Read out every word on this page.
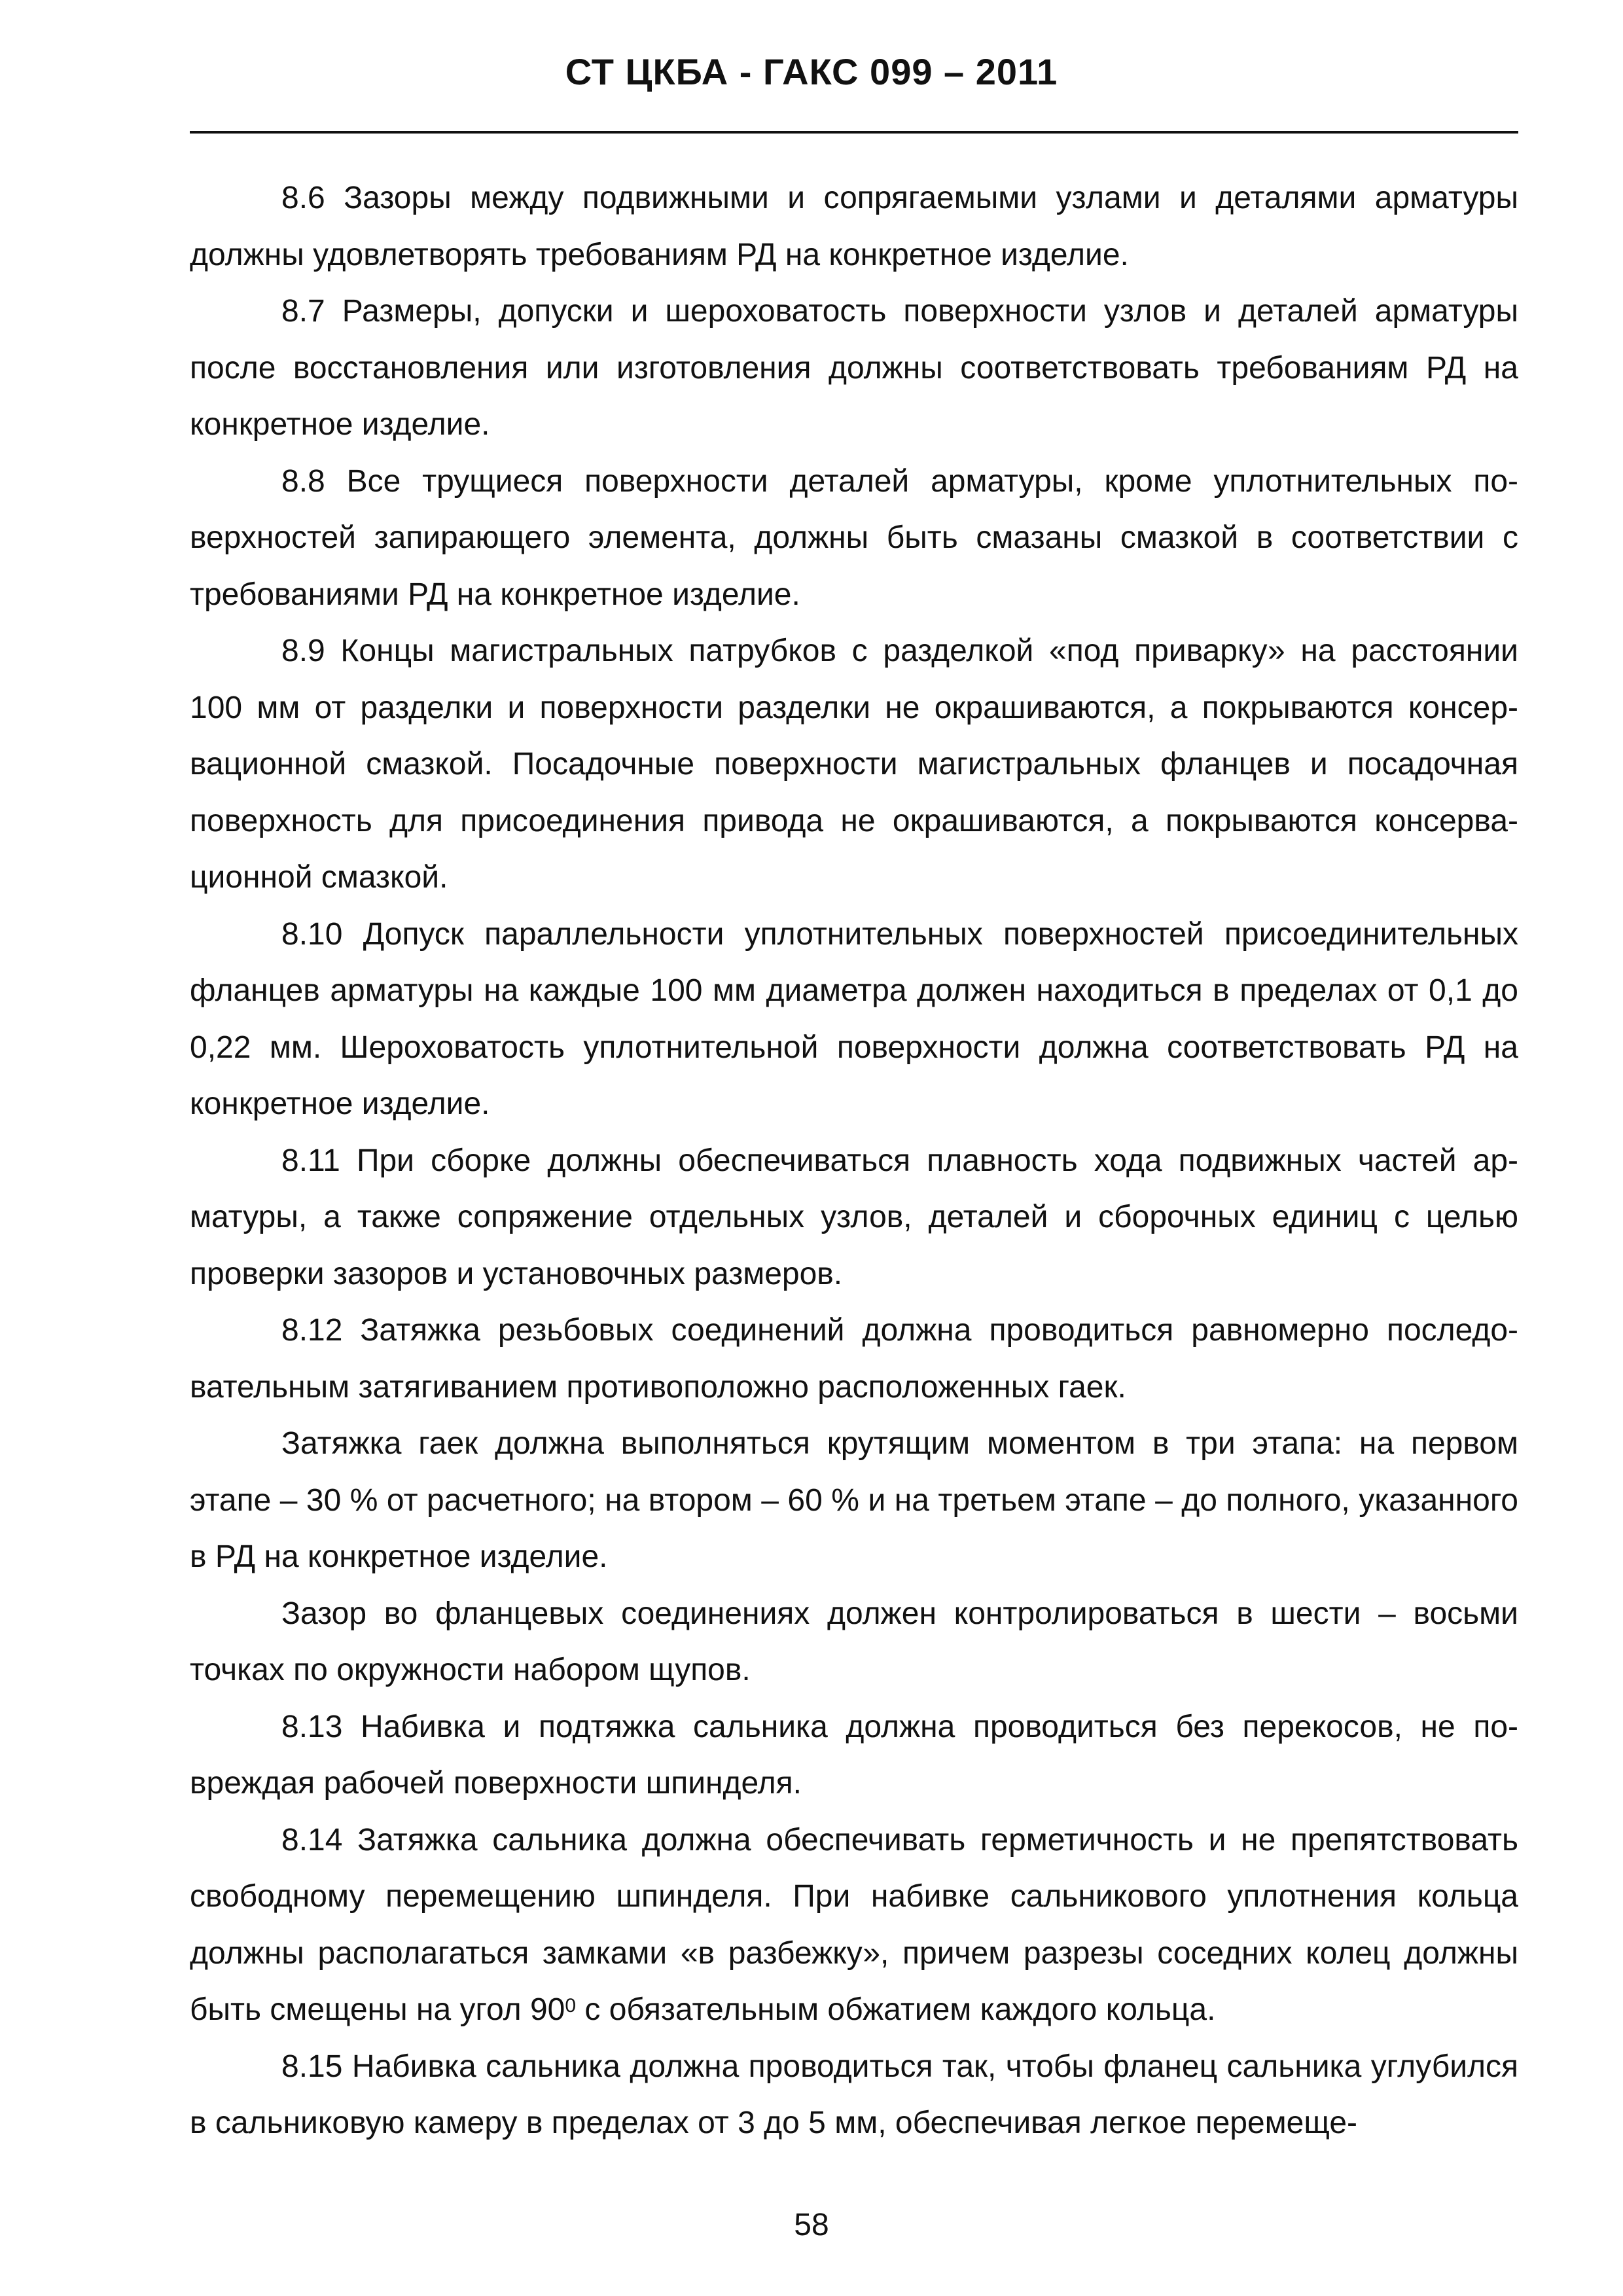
СТ ЦКБА - ГАКС 099 – 2011

8.6 Зазоры между подвижными и сопрягаемыми узлами и деталями арматуры должны удовлетворять требованиям РД на конкретное изделие.

8.7 Размеры, допуски и шероховатость поверхности узлов и деталей арматуры после восстановления или изготовления должны соответствовать требованиям РД на конкретное изделие.

8.8 Все трущиеся поверхности деталей арматуры, кроме уплотнительных поверхностей запирающего элемента, должны быть смазаны смазкой в соответствии с требованиями РД на конкретное изделие.

8.9 Концы магистральных патрубков с разделкой «под приварку» на расстоянии 100 мм от разделки и поверхности разделки не окрашиваются, а покрываются консервационной смазкой. Посадочные поверхности магистральных фланцев и посадочная поверхность для присоединения привода не окрашиваются, а покрываются консервационной смазкой.

8.10 Допуск параллельности уплотнительных поверхностей присоединительных фланцев арматуры на каждые 100 мм диаметра должен находиться в пределах от 0,1 до 0,22 мм. Шероховатость уплотнительной поверхности должна соответствовать РД на конкретное изделие.

8.11 При сборке должны обеспечиваться плавность хода подвижных частей арматуры, а также сопряжение отдельных узлов, деталей и сборочных единиц с целью проверки зазоров и установочных размеров.

8.12 Затяжка резьбовых соединений должна проводиться равномерно последовательным затягиванием противоположно расположенных гаек.

Затяжка гаек должна выполняться крутящим моментом в три этапа: на первом этапе – 30 % от расчетного; на втором – 60 % и на третьем этапе – до полного, указанного в РД на конкретное изделие.

Зазор во фланцевых соединениях должен контролироваться в шести – восьми точках по окружности набором щупов.

8.13 Набивка и подтяжка сальника должна проводиться без перекосов, не повреждая рабочей поверхности шпинделя.

8.14 Затяжка сальника должна обеспечивать герметичность и не препятствовать свободному перемещению шпинделя. При набивке сальникового уплотнения кольца должны располагаться замками «в разбежку», причем разрезы соседних колец должны быть смещены на угол $90^0$ с обязательным обжатием каждого кольца.

8.15 Набивка сальника должна проводиться так, чтобы фланец сальника углубился в сальниковую камеру в пределах от 3 до 5 мм, обеспечивая легкое перемеще-

58
